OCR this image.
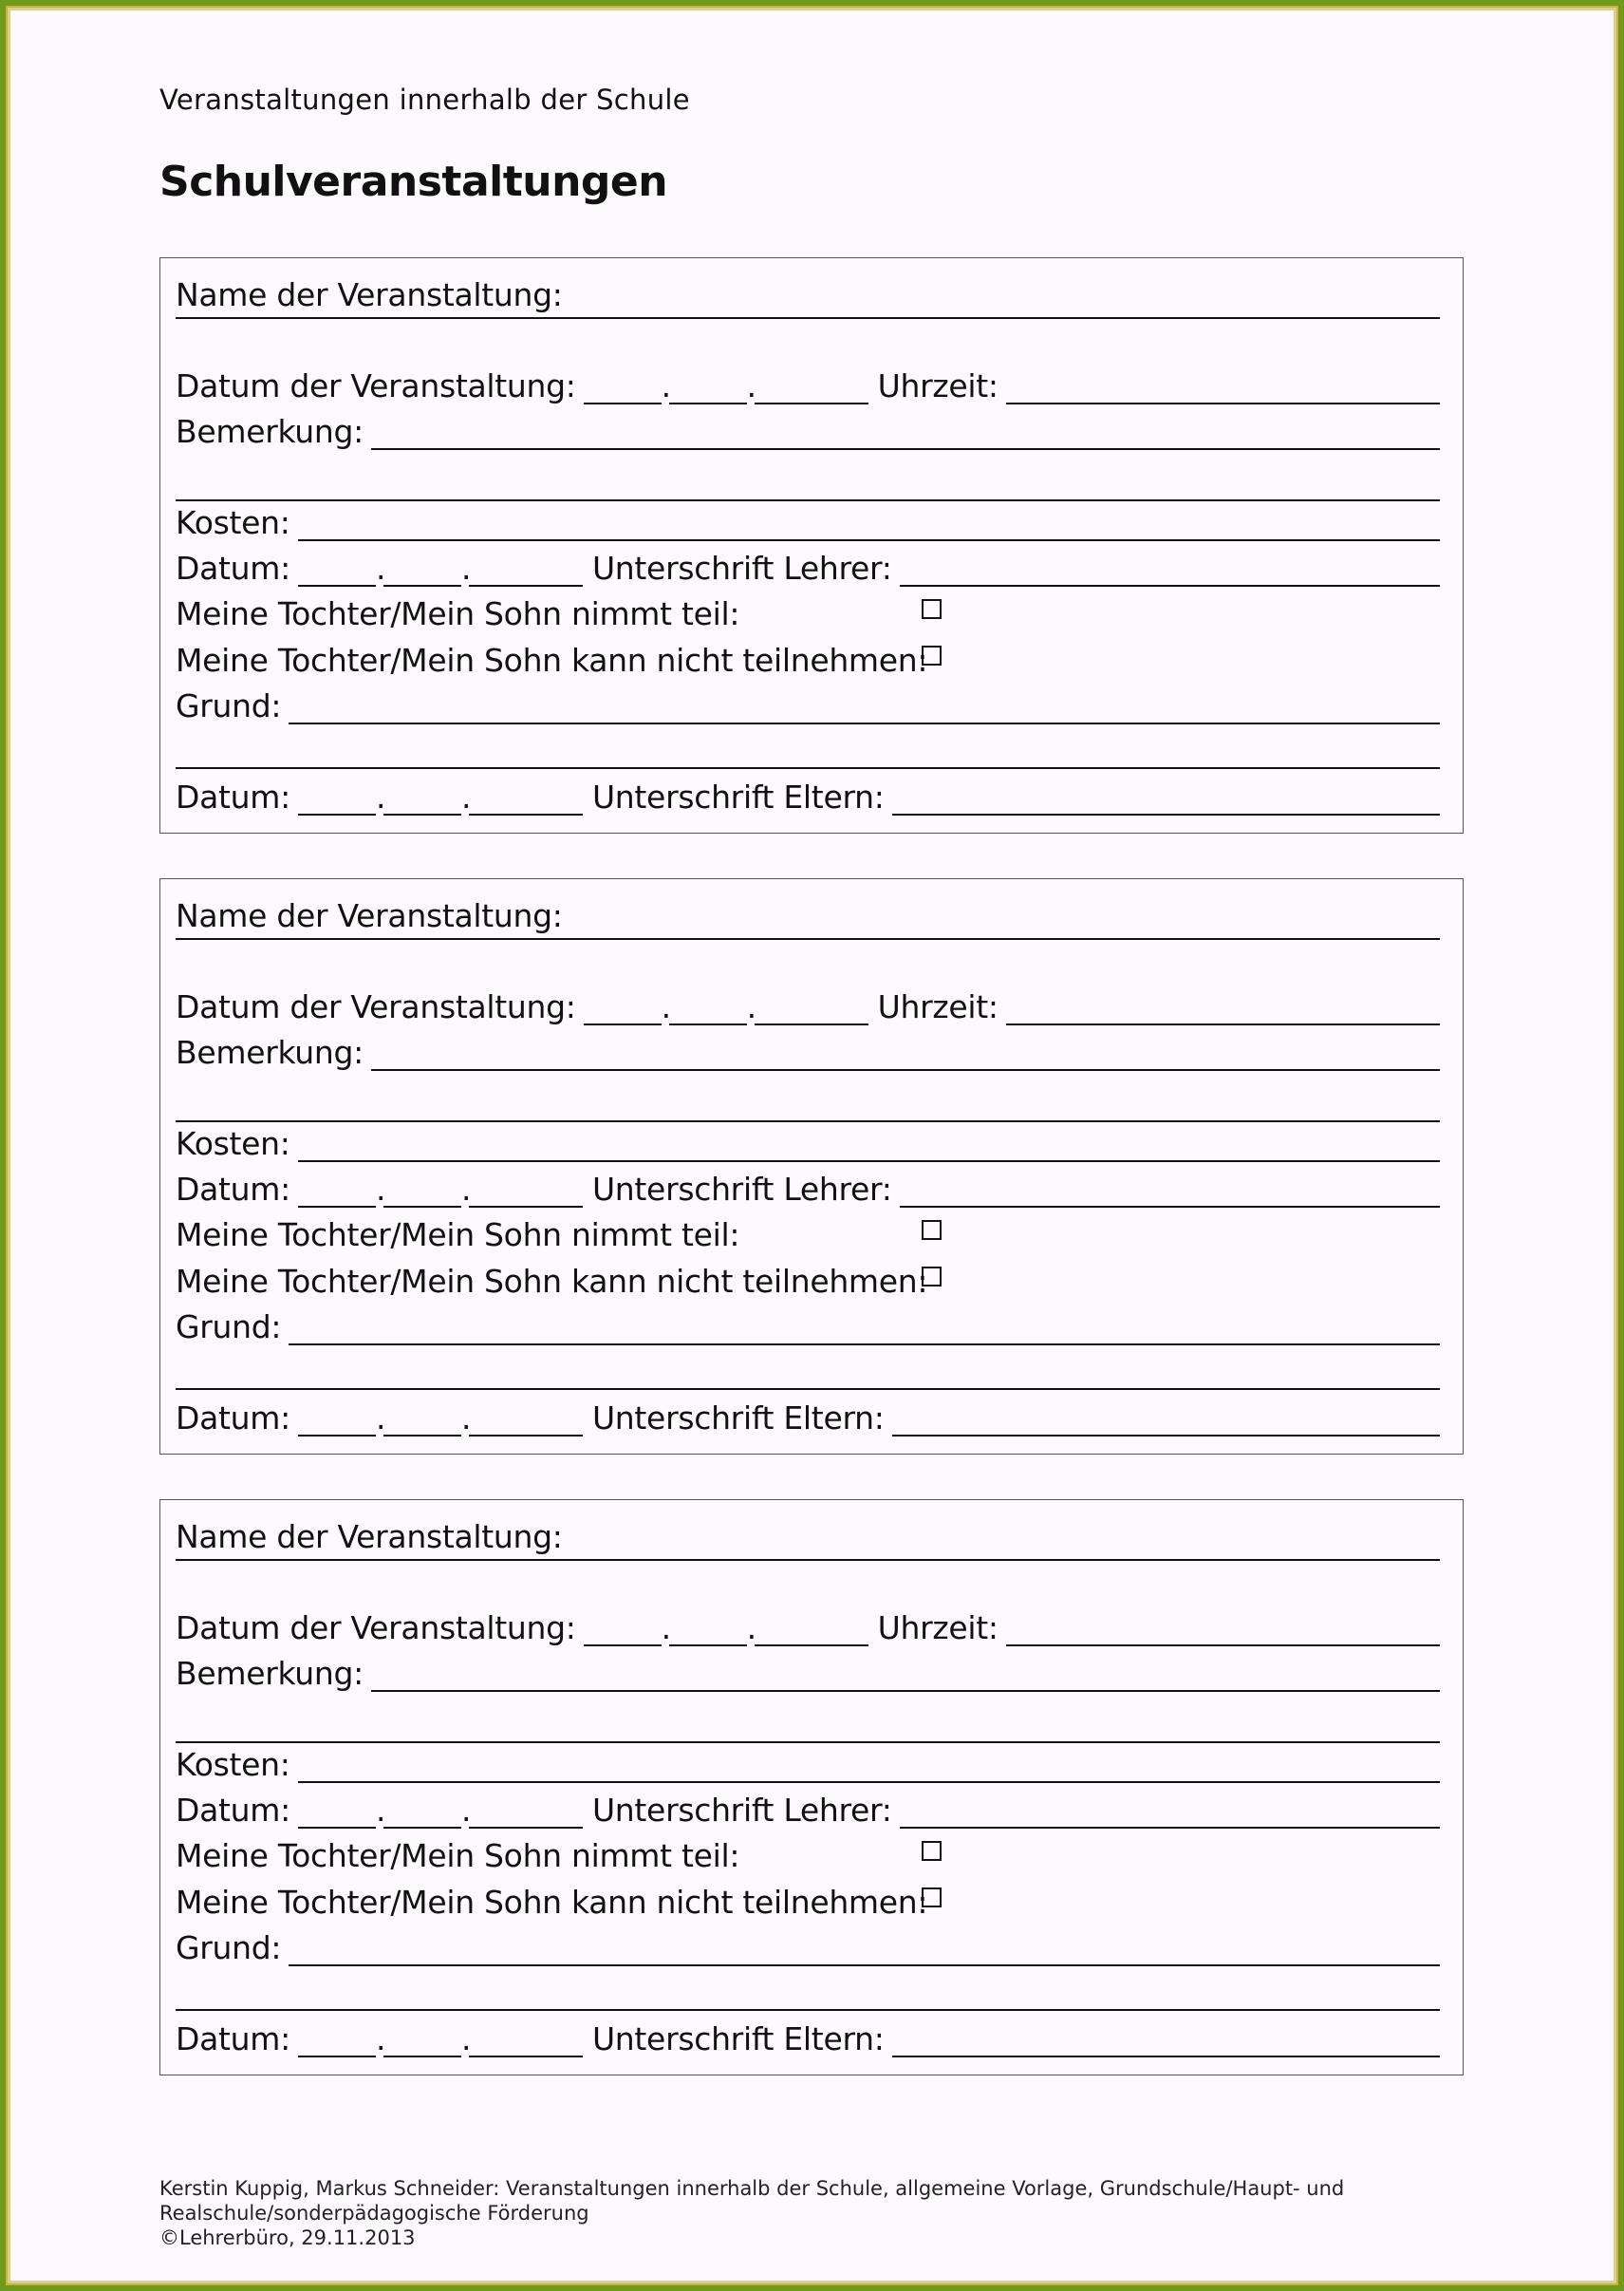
Veranstaltungen innerhalb der Schule
Schulveranstaltungen
Name der Veranstaltung:
Datum der Veranstaltung:	. .	Uhrzeit:
Bemerkung:
Kosten:
Datum:	. .	Unterschrift Lehrer:
Meine Tochter/Mein Sohn nimmt teil:
Meine Tochter/Mein Sohn kann nicht teilnehmen:
Grund:
Datum:	. .	Unterschrift Eltern:
Name der Veranstaltung:
Datum der Veranstaltung:	. .	Uhrzeit:
Bemerkung:
Kosten:
Datum:	. .	Unterschrift Lehrer:
Meine Tochter/Mein Sohn nimmt teil:
Meine Tochter/Mein Sohn kann nicht teilnehmen:
Grund:
Datum:	. .	Unterschrift Eltern:
Name der Veranstaltung:
Datum der Veranstaltung:	. .	Uhrzeit:
Bemerkung:
Kosten:
Datum:	. .	Unterschrift Lehrer:
Meine Tochter/Mein Sohn nimmt teil:
Meine Tochter/Mein Sohn kann nicht teilnehmen:
Grund:
Datum:	. .	Unterschrift Eltern:
Kerstin Kuppig, Markus Schneider: Veranstaltungen innerhalb der Schule, allgemeine Vorlage, Grundschule/Haupt- und
Realschule/sonderpädagogische Förderung
©Lehrerbüro, 29.11.2013
